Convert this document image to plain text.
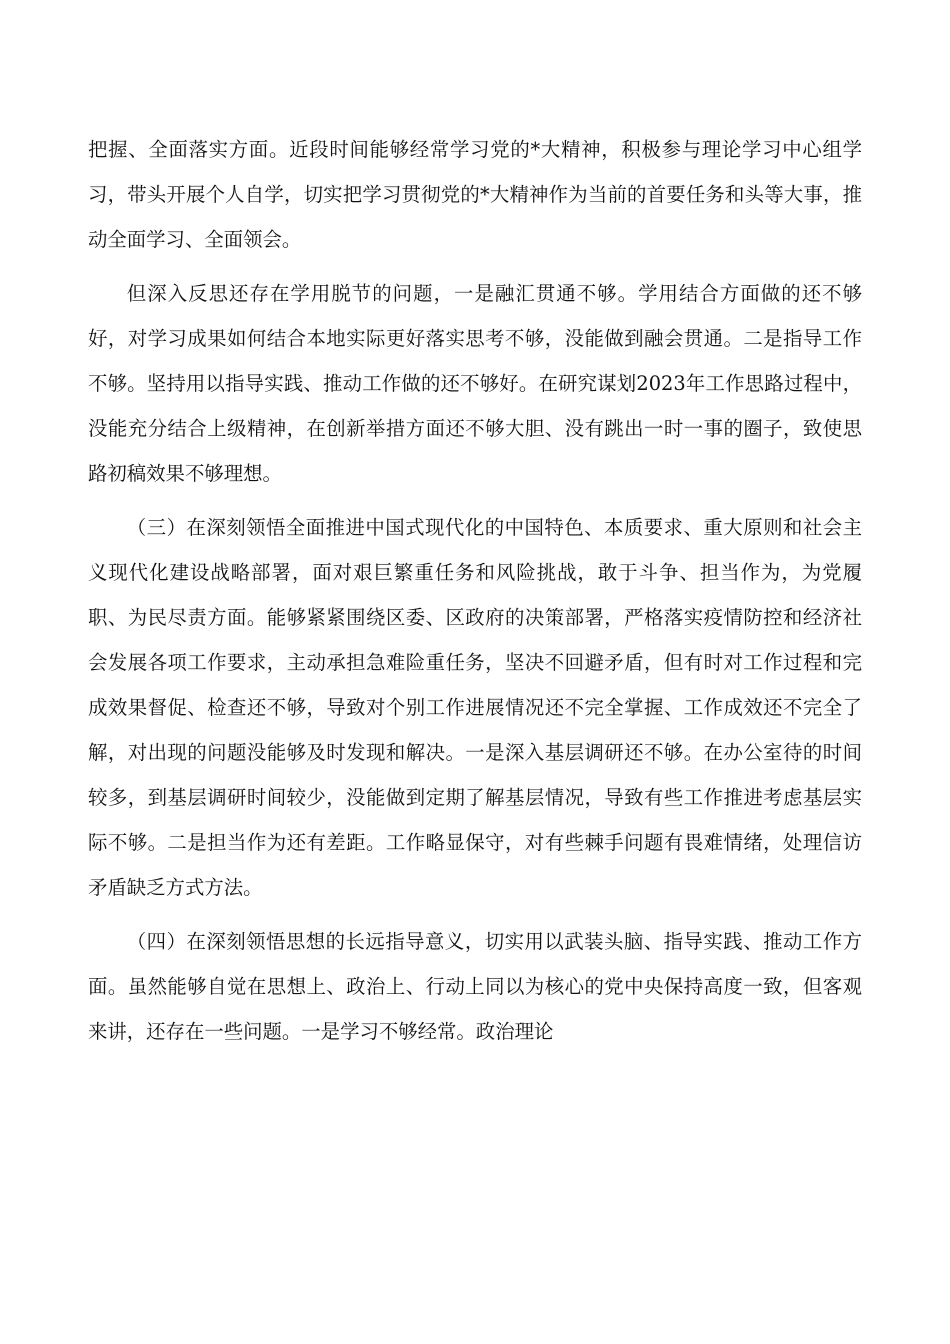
把握、全面落实方面。近段时间能够经常学习党的*大精神，积极参与理论学习中心组学习，带头开展个人自学，切实把学习贯彻党的*大精神作为当前的首要任务和头等大事，推动全面学习、全面领会。

但深入反思还存在学用脱节的问题，一是融汇贯通不够。学用结合方面做的还不够好，对学习成果如何结合本地实际更好落实思考不够，没能做到融会贯通。二是指导工作不够。坚持用以指导实践、推动工作做的还不够好。在研究谋划2023年工作思路过程中，没能充分结合上级精神，在创新举措方面还不够大胆、没有跳出一时一事的圈子，致使思路初稿效果不够理想。

（三）在深刻领悟全面推进中国式现代化的中国特色、本质要求、重大原则和社会主义现代化建设战略部署，面对艰巨繁重任务和风险挑战，敢于斗争、担当作为，为党履职、为民尽责方面。能够紧紧围绕区委、区政府的决策部署，严格落实疫情防控和经济社会发展各项工作要求，主动承担急难险重任务，坚决不回避矛盾，但有时对工作过程和完成效果督促、检查还不够，导致对个别工作进展情况还不完全掌握、工作成效还不完全了解，对出现的问题没能够及时发现和解决。一是深入基层调研还不够。在办公室待的时间较多，到基层调研时间较少，没能做到定期了解基层情况，导致有些工作推进考虑基层实际不够。二是担当作为还有差距。工作略显保守，对有些棘手问题有畏难情绪，处理信访矛盾缺乏方式方法。

（四）在深刻领悟思想的长远指导意义，切实用以武装头脑、指导实践、推动工作方面。虽然能够自觉在思想上、政治上、行动上同以为核心的党中央保持高度一致，但客观来讲，还存在一些问题。一是学习不够经常。政治理论
